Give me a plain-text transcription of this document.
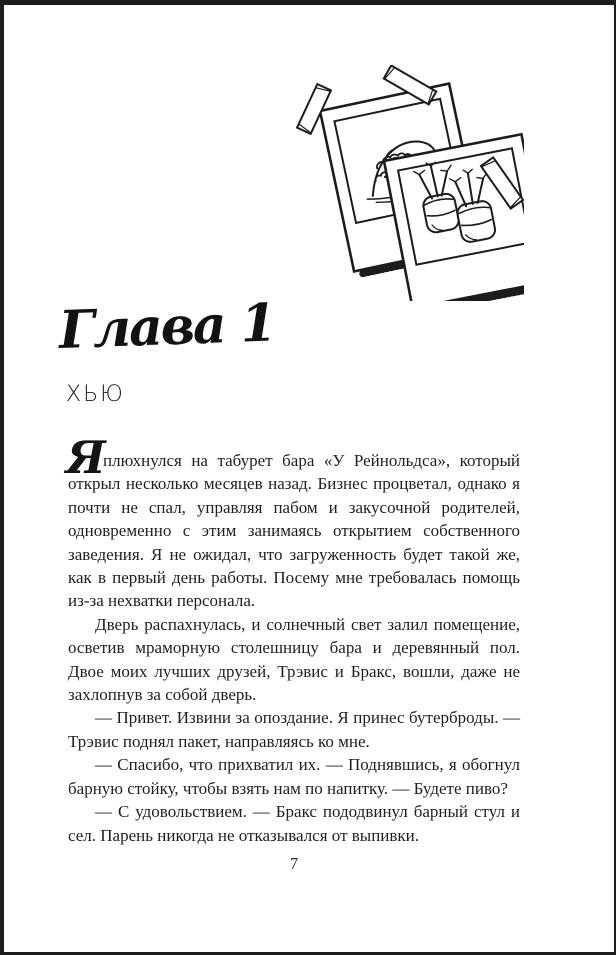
Глава 1
ХЬЮ

Я
плюхнулся на табурет бара «У Рейнольдса», который открыл несколько месяцев назад. Бизнес процветал, однако я почти не спал, управляя пабом и закусочной родителей, одновременно с этим занимаясь открытием собственного заведения. Я не ожидал, что загруженность будет такой же, как в первый день работы. Посему мне требовалась помощь из-за нехватки персонала.

Дверь распахнулась, и солнечный свет залил помещение, осветив мраморную столешницу бара и деревянный пол. Двое моих лучших друзей, Трэвис и Бракс, вошли, даже не захлопнув за собой дверь.

— Привет. Извини за опоздание. Я принес бутерброды. — Трэвис поднял пакет, направляясь ко мне.

— Спасибо, что прихватил их. — Поднявшись, я обогнул барную стойку, чтобы взять нам по напитку. — Будете пиво?

— С удовольствием. — Бракс пододвинул барный стул и сел. Парень никогда не отказывался от выпивки.

7
